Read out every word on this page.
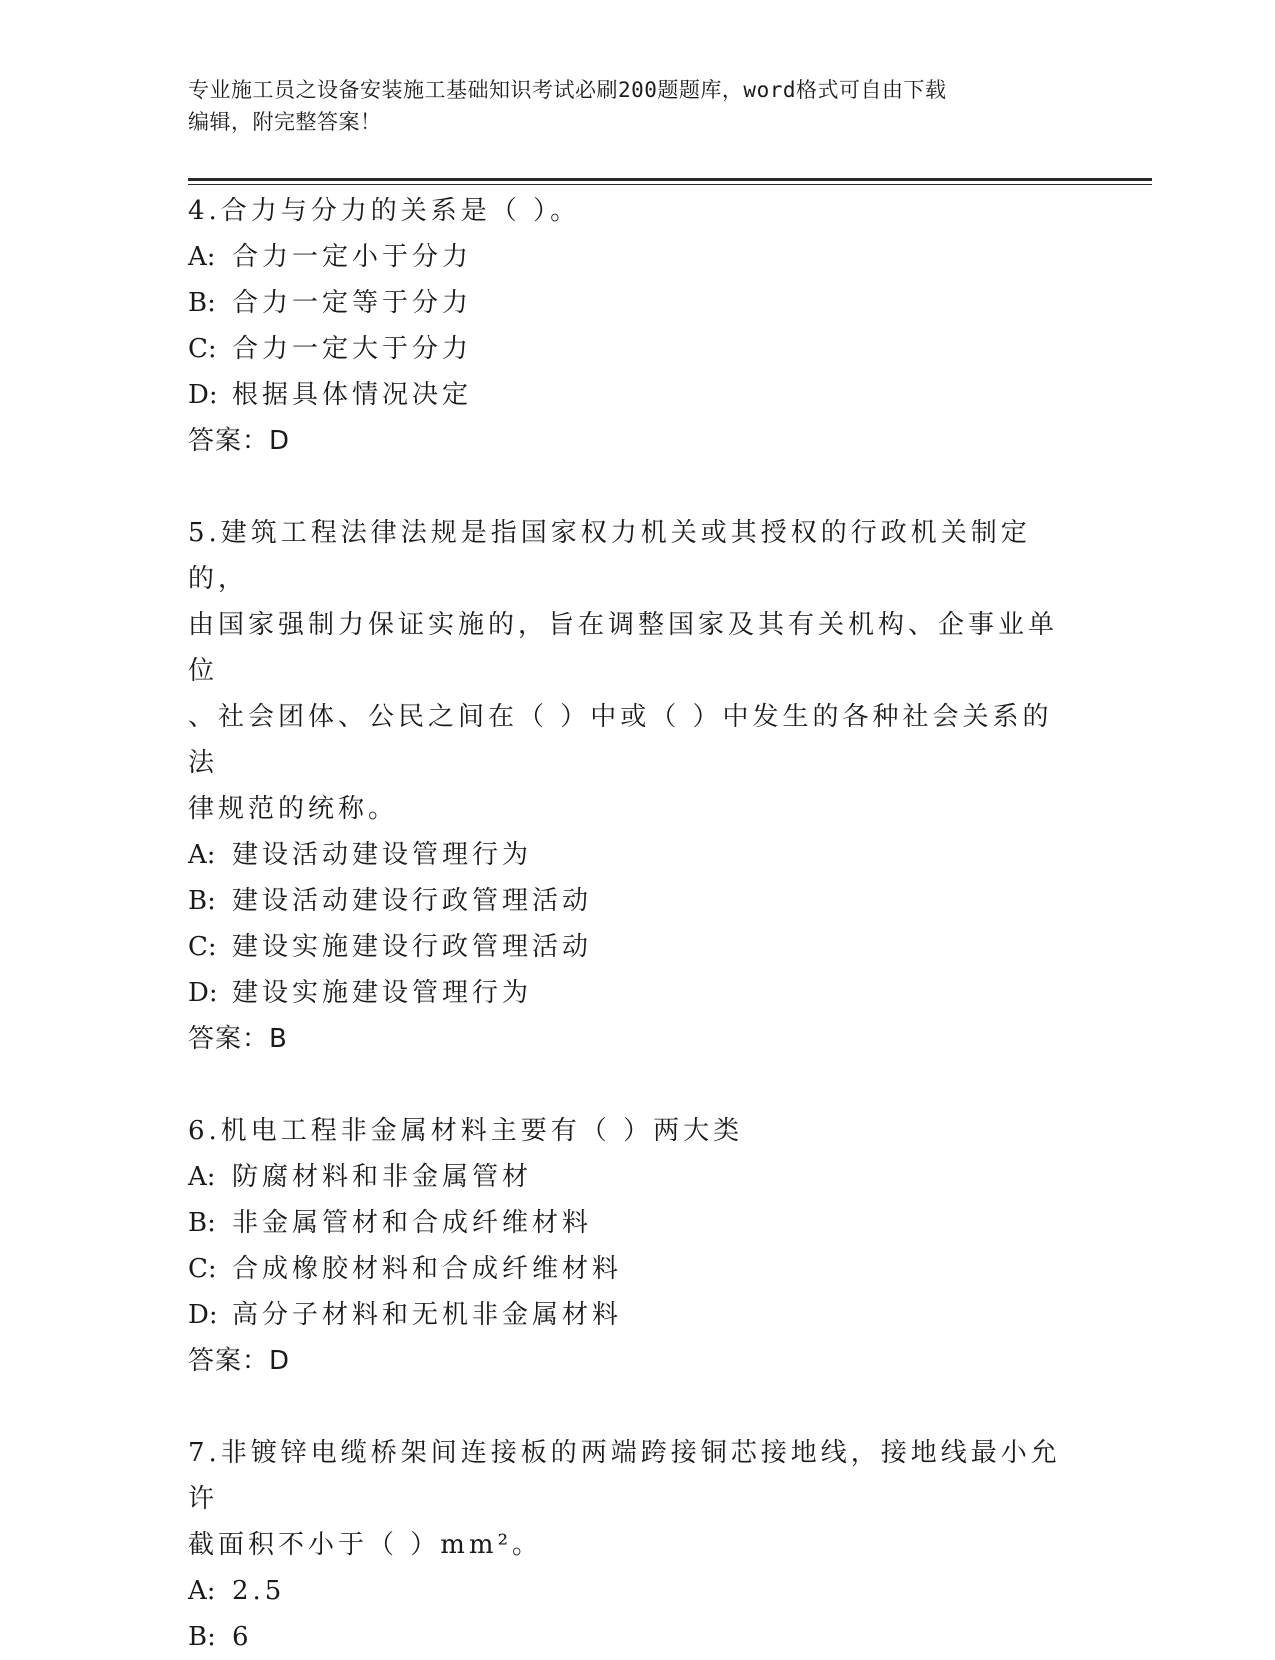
专业施工员之设备安装施工基础知识考试必刷200题题库，word格式可自由下载
编辑，附完整答案！
4.合力与分力的关系是（ ）。
A: 合力一定小于分力
B: 合力一定等于分力
C: 合力一定大于分力
D: 根据具体情况决定
答案：D
5.建筑工程法律法规是指国家权力机关或其授权的行政机关制定的，
由国家强制力保证实施的，旨在调整国家及其有关机构、企事业单位
、社会团体、公民之间在（ ）中或（ ）中发生的各种社会关系的法
律规范的统称。
A: 建设活动建设管理行为
B: 建设活动建设行政管理活动
C: 建设实施建设行政管理活动
D: 建设实施建设管理行为
答案：B
6.机电工程非金属材料主要有（ ）两大类
A: 防腐材料和非金属管材
B: 非金属管材和合成纤维材料
C: 合成橡胶材料和合成纤维材料
D: 高分子材料和无机非金属材料
答案：D
7.非镀锌电缆桥架间连接板的两端跨接铜芯接地线，接地线最小允许
截面积不小于（ ）mm²。
A: 2.5
B: 6
